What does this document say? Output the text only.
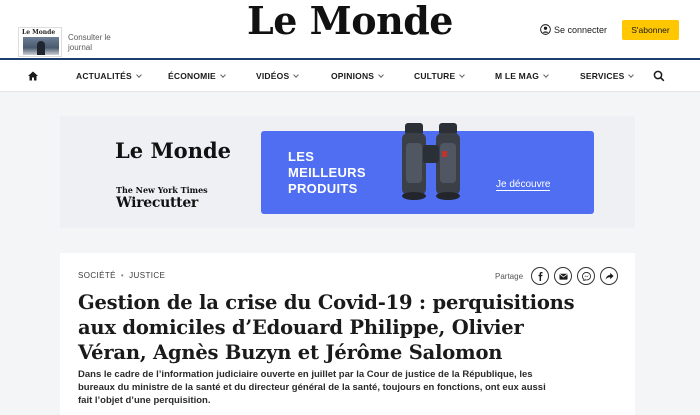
Le Monde
Consulter le journal
Le Monde	Se connecter	S'abonner
ACTUALITÉS	ÉCONOMIE	VIDÉOS	OPINIONS	CULTURE	M LE MAG	SERVICES
Le Monde
The New York Times
Wirecutter
LES
MEILLEURS
PRODUITS	Je découvre
SOCIÉTÉ • JUSTICE	Partage
Gestion de la crise du Covid-19 : perquisitions aux domiciles d’Edouard Philippe, Olivier Véran, Agnès Buzyn et Jérôme Salomon

Dans le cadre de l’information judiciaire ouverte en juillet par la Cour de justice de la République, les bureaux du ministre de la santé et du directeur général de la santé, toujours en fonctions, ont eux aussi fait l’objet d’une perquisition.
